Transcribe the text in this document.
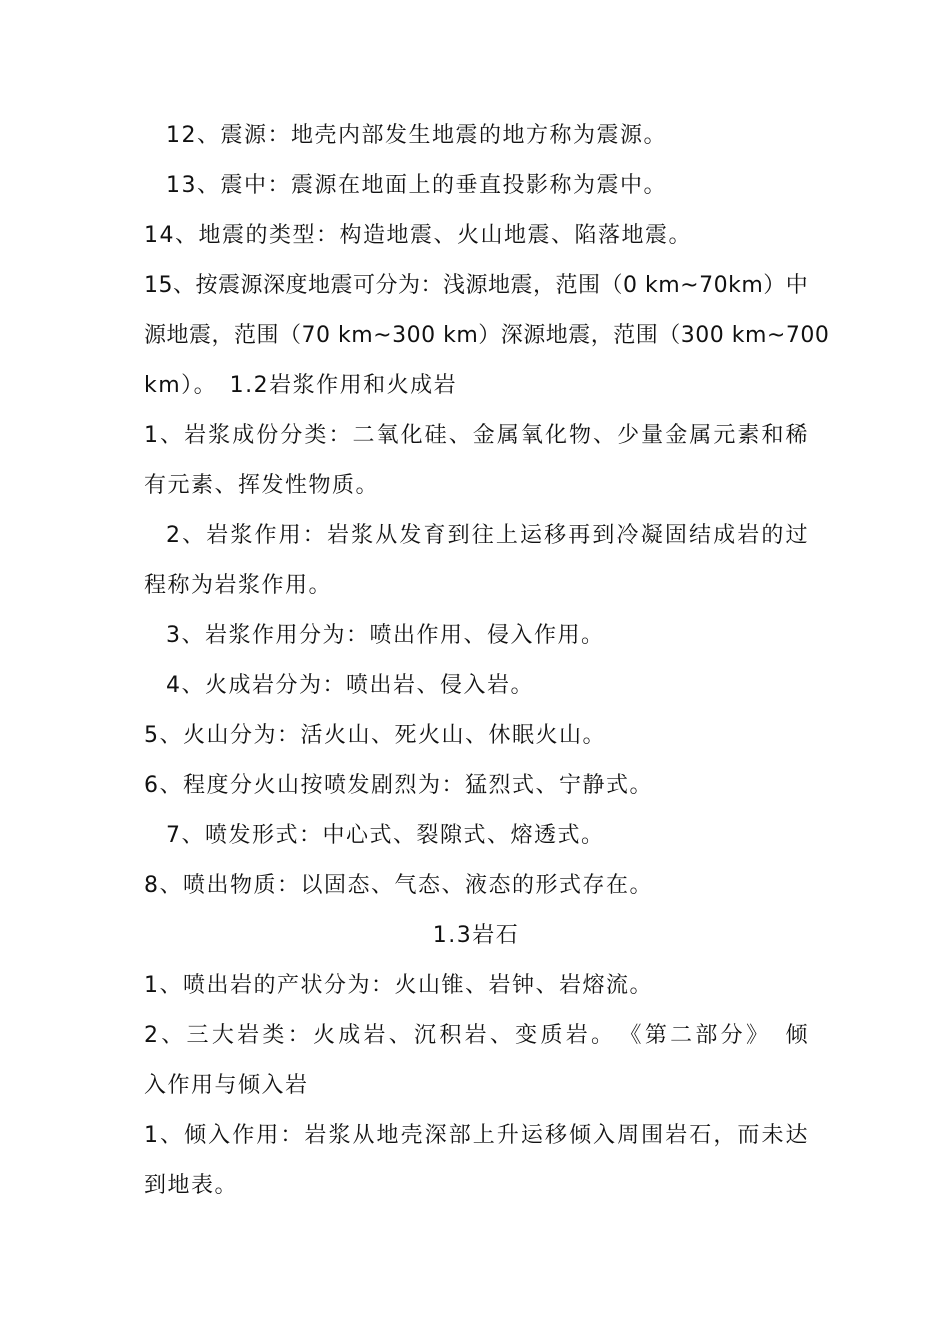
12、震源：地壳内部发生地震的地方称为震源。
13、震中：震源在地面上的垂直投影称为震中。
14、地震的类型：构造地震、火山地震、陷落地震。
15、按震源深度地震可分为：浅源地震，范围（0 km~70km）中
源地震，范围（70 km~300 km）深源地震，范围（300 km~700
km）。　1.2岩浆作用和火成岩
1、岩浆成份分类：二氧化硅、金属氧化物、少量金属元素和稀
有元素、挥发性物质。
2、岩浆作用：岩浆从发育到往上运移再到冷凝固结成岩的过
程称为岩浆作用。
3、岩浆作用分为：喷出作用、侵入作用。
4、火成岩分为：喷出岩、侵入岩。
5、火山分为：活火山、死火山、休眠火山。
6、程度分火山按喷发剧烈为：猛烈式、宁静式。
7、喷发形式：中心式、裂隙式、熔透式。
8、喷出物质：以固态、气态、液态的形式存在。
1.3岩石
1、喷出岩的产状分为：火山锥、岩钟、岩熔流。
2、三大岩类：火成岩、沉积岩、变质岩。　《第二部分》　倾
入作用与倾入岩
1、倾入作用：岩浆从地壳深部上升运移倾入周围岩石，而未达
到地表。
